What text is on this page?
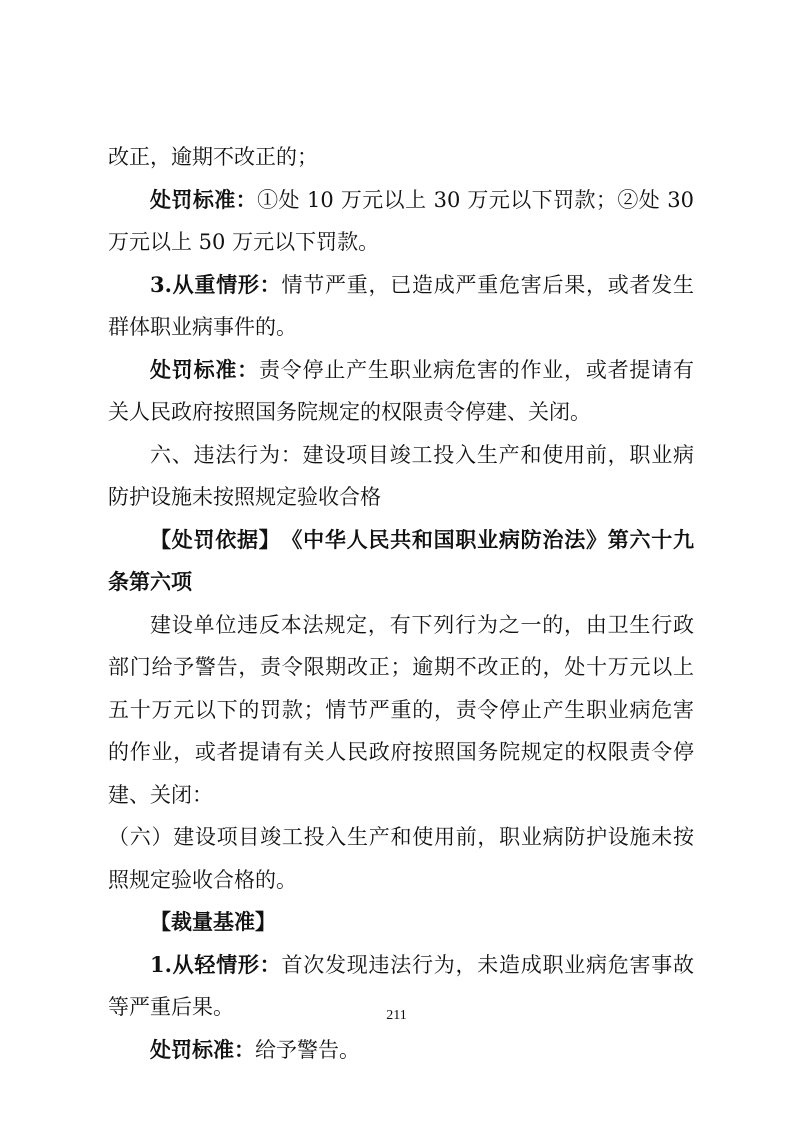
改正，逾期不改正的；

处罚标准：①处 10 万元以上 30 万元以下罚款；②处 30 万元以上 50 万元以下罚款。

3.从重情形：情节严重，已造成严重危害后果，或者发生群体职业病事件的。

处罚标准：责令停止产生职业病危害的作业，或者提请有关人民政府按照国务院规定的权限责令停建、关闭。

六、违法行为：建设项目竣工投入生产和使用前，职业病防护设施未按照规定验收合格

【处罚依据】　《中华人民共和国职业病防治法》第六十九条第六项

建设单位违反本法规定，有下列行为之一的，由卫生行政部门给予警告，责令限期改正；逾期不改正的，处十万元以上五十万元以下的罚款；情节严重的，责令停止产生职业病危害的作业，或者提请有关人民政府按照国务院规定的权限责令停建、关闭：

（六）建设项目竣工投入生产和使用前，职业病防护设施未按照规定验收合格的。

【裁量基准】

1.从轻情形：首次发现违法行为，未造成职业病危害事故等严重后果。

处罚标准：给予警告。

211
